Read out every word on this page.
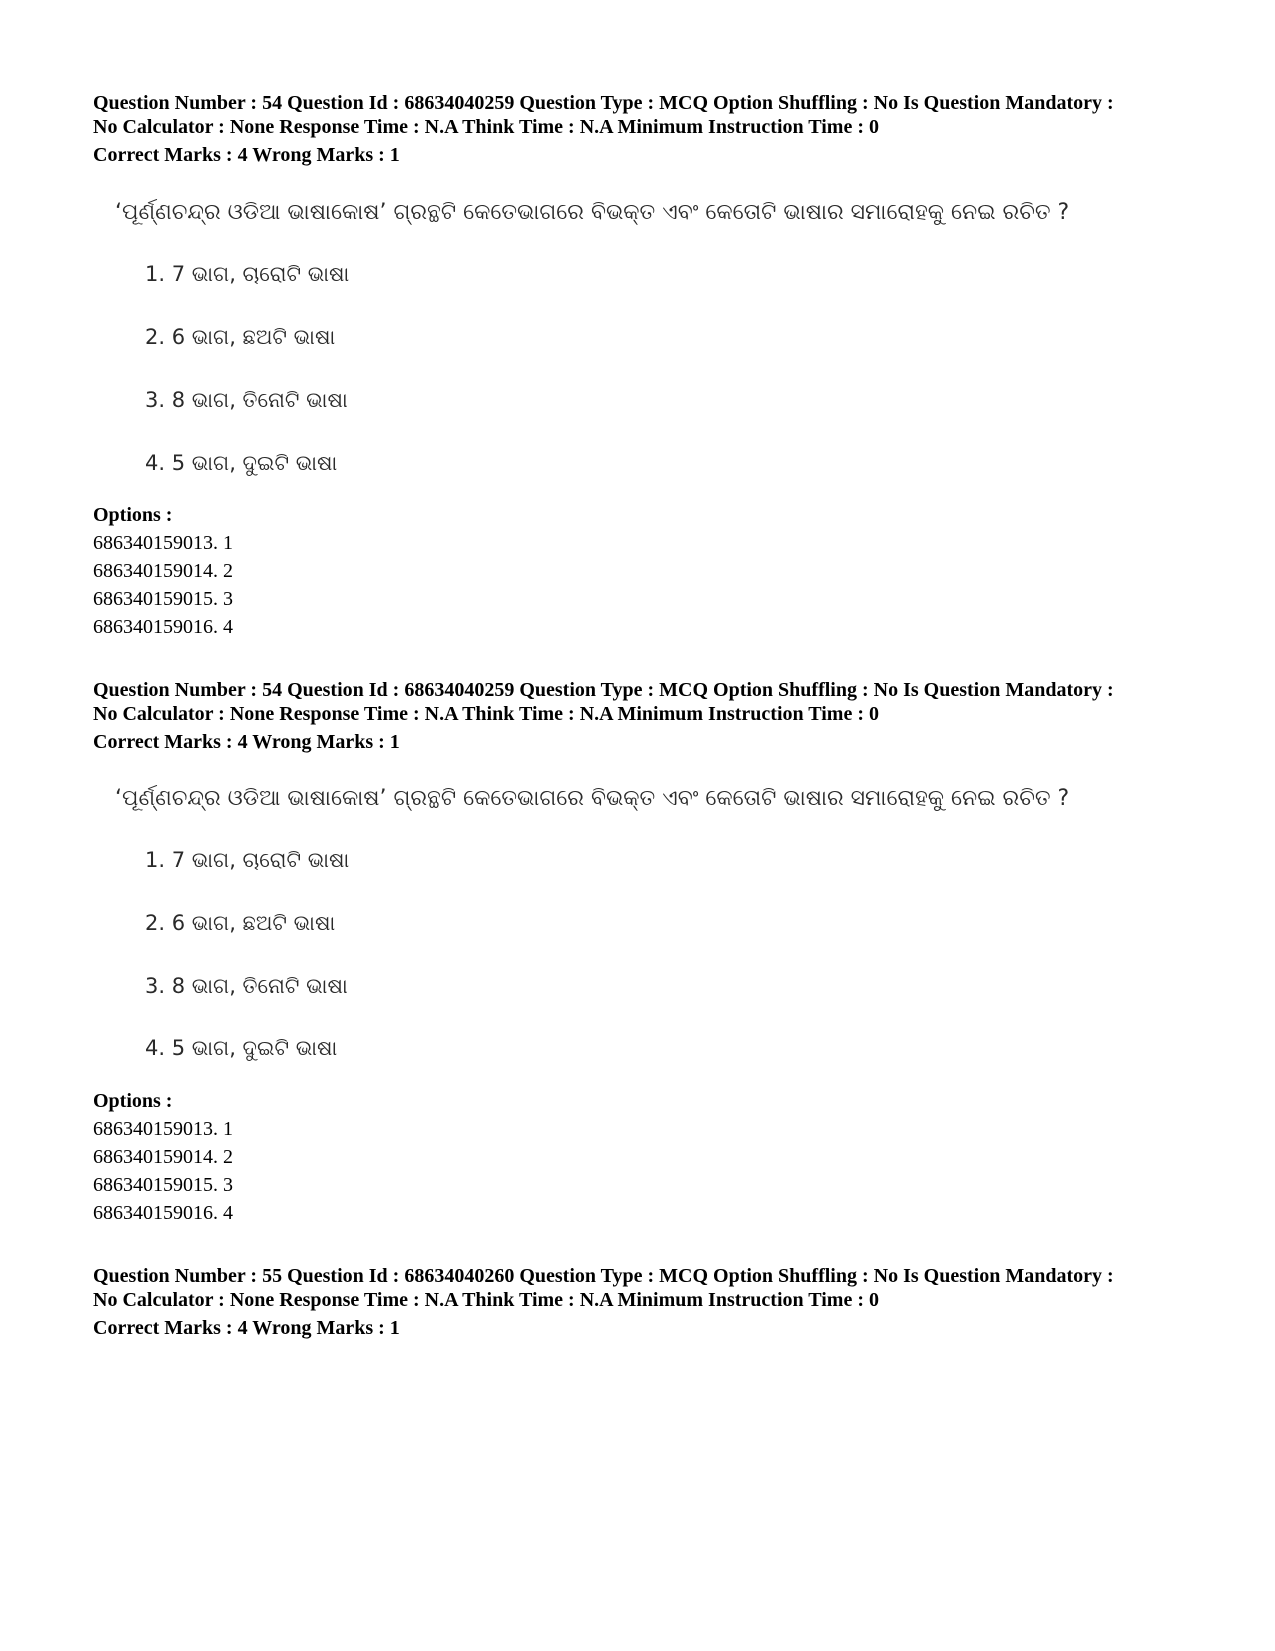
Question Number : 54 Question Id : 68634040259 Question Type : MCQ Option Shuffling : No Is Question Mandatory :
No Calculator : None Response Time : N.A Think Time : N.A Minimum Instruction Time : 0
Correct Marks : 4 Wrong Marks : 1
‘ପୂର୍ଣ୍ଣଚନ୍ଦ୍ର ଓଡିଆ ଭାଷାକୋଷ’ ଗ୍ରନ୍ଥଟି କେତେଭାଗରେ ବିଭକ୍ତ ଏବଂ କେତୋଟି ଭାଷାର ସମାରୋହକୁ ନେଇ ରଚିତ ?
1. 7 ଭାଗ, ଚାରୋଟି ଭାଷା
2. 6 ଭାଗ, ଛଅଟି ଭାଷା
3. 8 ଭାଗ, ତିନୋଟି ଭାଷା
4. 5 ଭାଗ, ଦୁଇଟି ଭାଷା
Options :
686340159013. 1
686340159014. 2
686340159015. 3
686340159016. 4
Question Number : 54 Question Id : 68634040259 Question Type : MCQ Option Shuffling : No Is Question Mandatory :
No Calculator : None Response Time : N.A Think Time : N.A Minimum Instruction Time : 0
Correct Marks : 4 Wrong Marks : 1
‘ପୂର୍ଣ୍ଣଚନ୍ଦ୍ର ଓଡିଆ ଭାଷାକୋଷ’ ଗ୍ରନ୍ଥଟି କେତେଭାଗରେ ବିଭକ୍ତ ଏବଂ କେତୋଟି ଭାଷାର ସମାରୋହକୁ ନେଇ ରଚିତ ?
1. 7 ଭାଗ, ଚାରୋଟି ଭାଷା
2. 6 ଭାଗ, ଛଅଟି ଭାଷା
3. 8 ଭାଗ, ତିନୋଟି ଭାଷା
4. 5 ଭାଗ, ଦୁଇଟି ଭାଷା
Options :
686340159013. 1
686340159014. 2
686340159015. 3
686340159016. 4
Question Number : 55 Question Id : 68634040260 Question Type : MCQ Option Shuffling : No Is Question Mandatory :
No Calculator : None Response Time : N.A Think Time : N.A Minimum Instruction Time : 0
Correct Marks : 4 Wrong Marks : 1
